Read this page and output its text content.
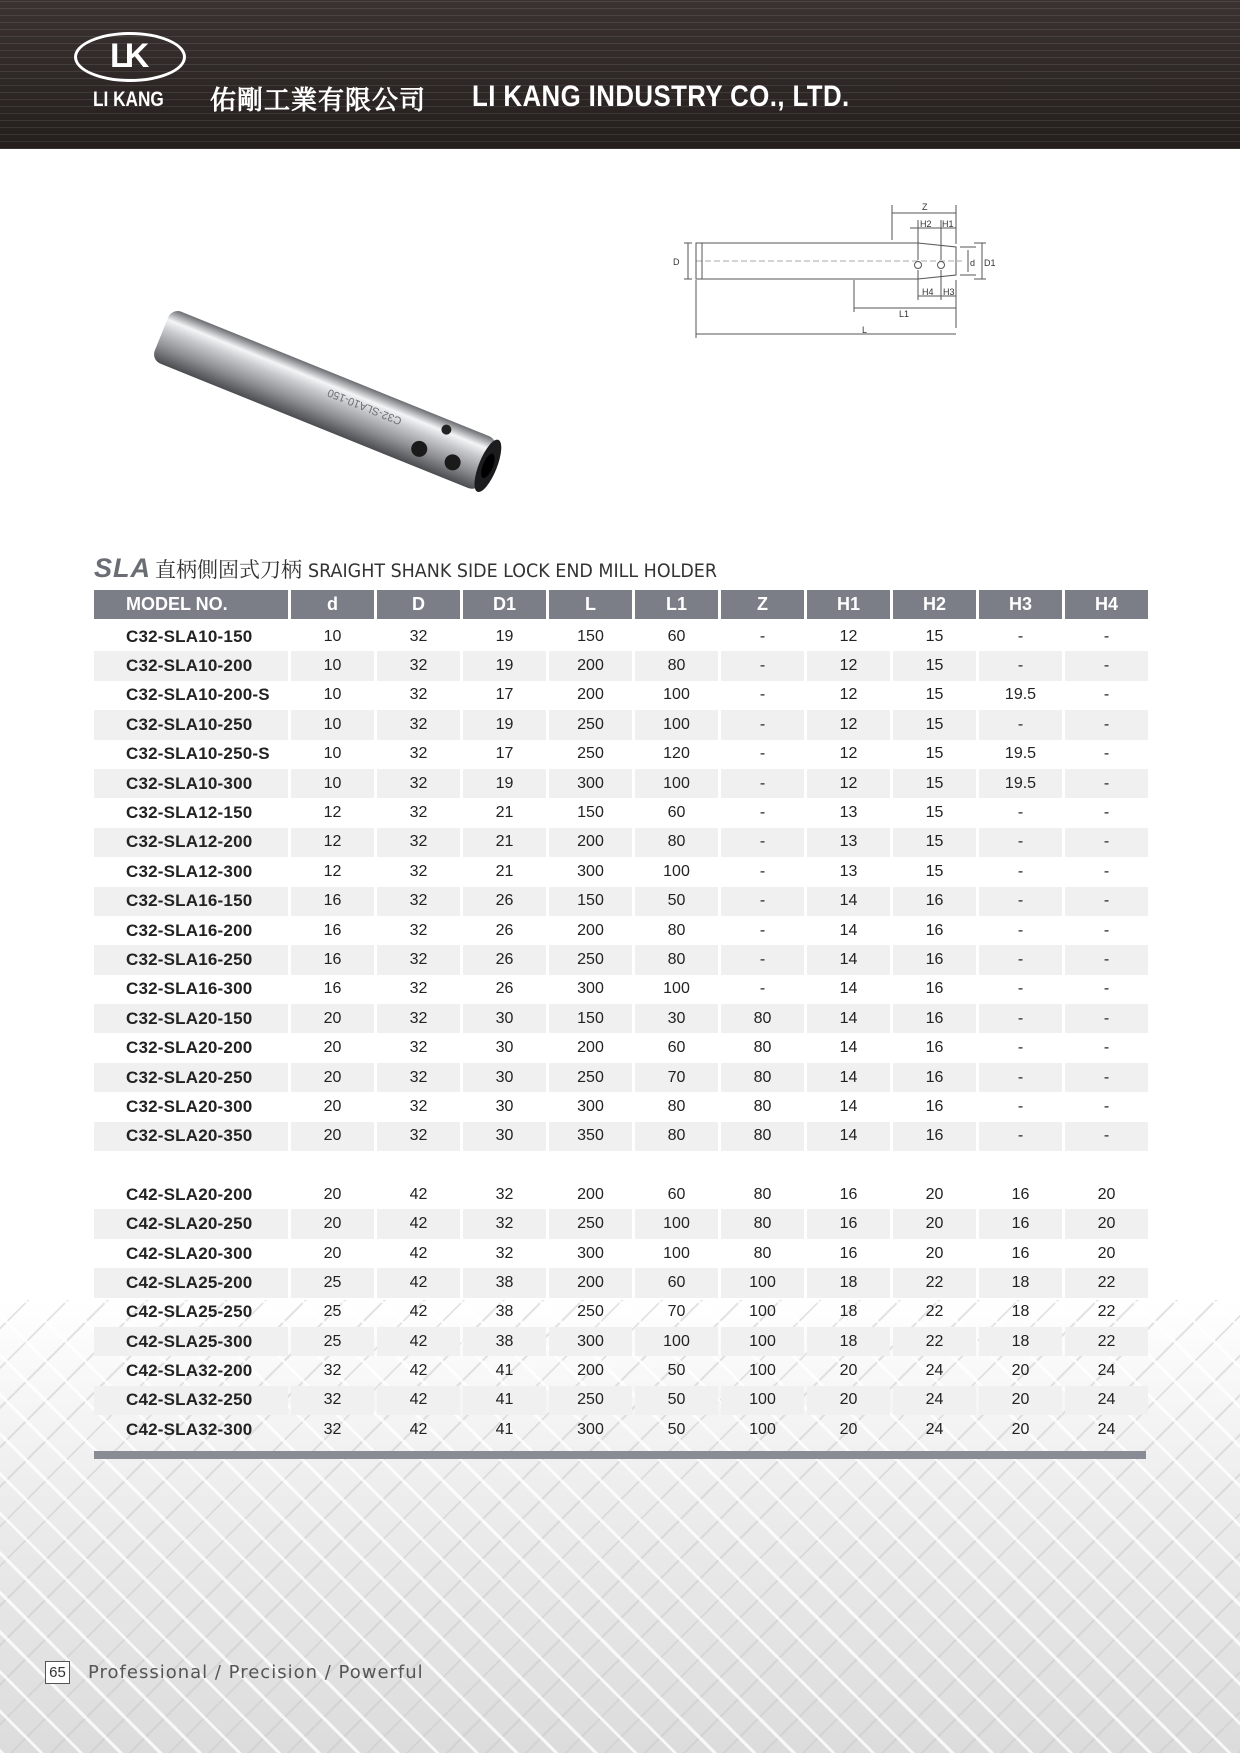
LK
LI KANG 佑剛工業有限公司 LI KANG INDUSTRY CO., LTD.
C32-SLA10-150
Z
H2 H1
D	d D1
H4 H3
L1
L
SLA 直柄側固式刀柄 SRAIGHT SHANK SIDE LOCK END MILL HOLDER
MODEL NO.	d	D	D1	L	L1	Z	H1	H2	H3	H4
C32-SLA10-150	10	32	19	150	60	-	12	15	-	-
C32-SLA10-200	10	32	19	200	80	-	12	15	-	-
C32-SLA10-200-S	10	32	17	200	100	-	12	15	19.5	-
C32-SLA10-250	10	32	19	250	100	-	12	15	-	-
C32-SLA10-250-S	10	32	17	250	120	-	12	15	19.5	-
C32-SLA10-300	10	32	19	300	100	-	12	15	19.5	-
C32-SLA12-150	12	32	21	150	60	-	13	15	-	-
C32-SLA12-200	12	32	21	200	80	-	13	15	-	-
C32-SLA12-300	12	32	21	300	100	-	13	15	-	-
C32-SLA16-150	16	32	26	150	50	-	14	16	-	-
C32-SLA16-200	16	32	26	200	80	-	14	16	-	-
C32-SLA16-250	16	32	26	250	80	-	14	16	-	-
C32-SLA16-300	16	32	26	300	100	-	14	16	-	-
C32-SLA20-150	20	32	30	150	30	80	14	16	-	-
C32-SLA20-200	20	32	30	200	60	80	14	16	-	-
C32-SLA20-250	20	32	30	250	70	80	14	16	-	-
C32-SLA20-300	20	32	30	300	80	80	14	16	-	-
C32-SLA20-350	20	32	30	350	80	80	14	16	-	-

C42-SLA20-200	20	42	32	200	60	80	16	20	16	20
C42-SLA20-250	20	42	32	250	100	80	16	20	16	20
C42-SLA20-300	20	42	32	300	100	80	16	20	16	20
C42-SLA25-200	25	42	38	200	60	100	18	22	18	22
C42-SLA25-250	25	42	38	250	70	100	18	22	18	22
C42-SLA25-300	25	42	38	300	100	100	18	22	18	22
C42-SLA32-200	32	42	41	200	50	100	20	24	20	24
C42-SLA32-250	32	42	41	250	50	100	20	24	20	24
C42-SLA32-300	32	42	41	300	50	100	20	24	20	24
65 Professional / Precision / Powerful
